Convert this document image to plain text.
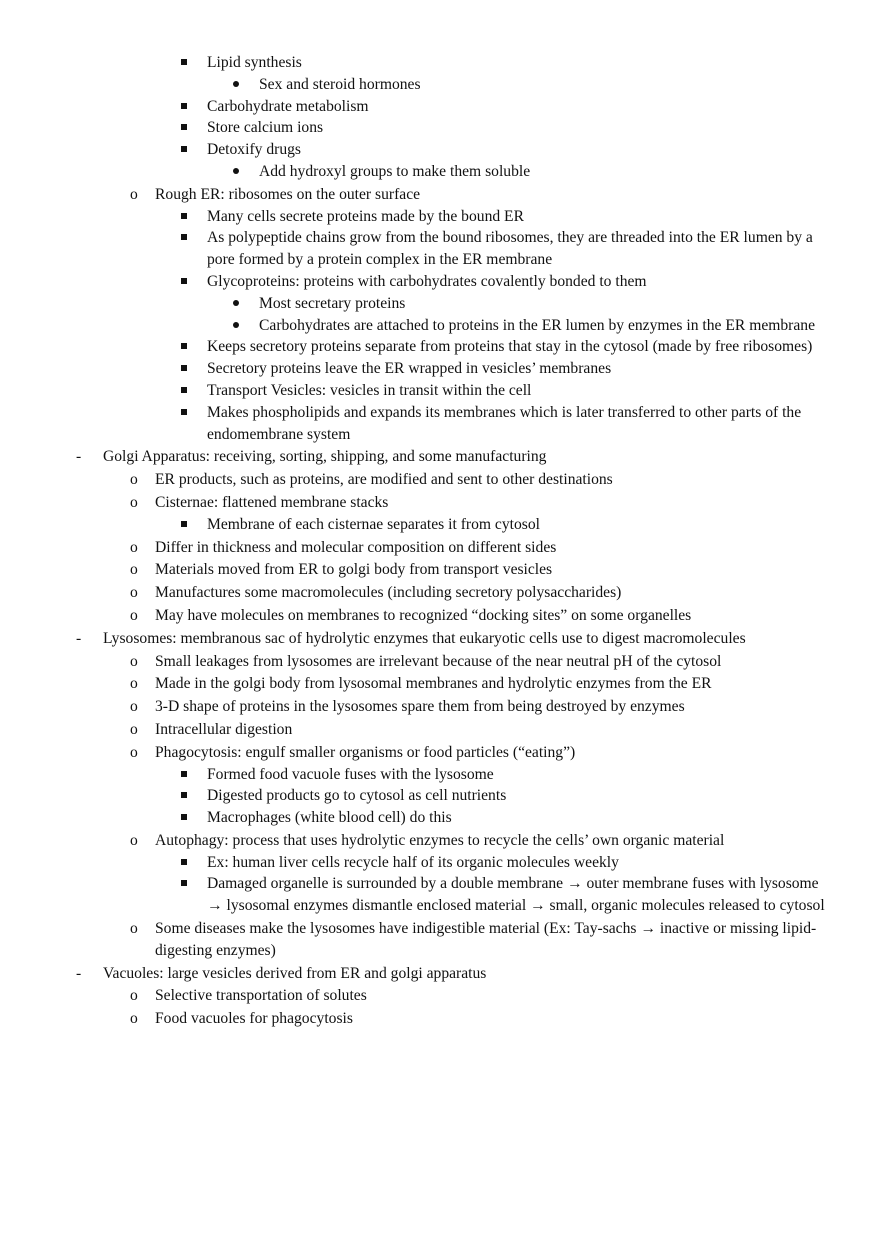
Lipid synthesis
Sex and steroid hormones
Carbohydrate metabolism
Store calcium ions
Detoxify drugs
Add hydroxyl groups to make them soluble
o Rough ER: ribosomes on the outer surface
Many cells secrete proteins made by the bound ER
As polypeptide chains grow from the bound ribosomes, they are threaded into the ER lumen by a pore formed by a protein complex in the ER membrane
Glycoproteins: proteins with carbohydrates covalently bonded to them
Most secretary proteins
Carbohydrates are attached to proteins in the ER lumen by enzymes in the ER membrane
Keeps secretory proteins separate from proteins that stay in the cytosol (made by free ribosomes)
Secretory proteins leave the ER wrapped in vesicles’ membranes
Transport Vesicles: vesicles in transit within the cell
Makes phospholipids and expands its membranes which is later transferred to other parts of the endomembrane system
- Golgi Apparatus: receiving, sorting, shipping, and some manufacturing
o ER products, such as proteins, are modified and sent to other destinations
o Cisternae: flattened membrane stacks
Membrane of each cisternae separates it from cytosol
o Differ in thickness and molecular composition on different sides
o Materials moved from ER to golgi body from transport vesicles
o Manufactures some macromolecules (including secretory polysaccharides)
o May have molecules on membranes to recognized “docking sites” on some organelles
- Lysosomes: membranous sac of hydrolytic enzymes that eukaryotic cells use to digest macromolecules
o Small leakages from lysosomes are irrelevant because of the near neutral pH of the cytosol
o Made in the golgi body from lysosomal membranes and hydrolytic enzymes from the ER
o 3-D shape of proteins in the lysosomes spare them from being destroyed by enzymes
o Intracellular digestion
o Phagocytosis: engulf smaller organisms or food particles (“eating”)
Formed food vacuole fuses with the lysosome
Digested products go to cytosol as cell nutrients
Macrophages (white blood cell) do this
o Autophagy: process that uses hydrolytic enzymes to recycle the cells’ own organic material
Ex: human liver cells recycle half of its organic molecules weekly
Damaged organelle is surrounded by a double membrane → outer membrane fuses with lysosome → lysosomal enzymes dismantle enclosed material → small, organic molecules released to cytosol
o Some diseases make the lysosomes have indigestible material (Ex: Tay-sachs → inactive or missing lipid-digesting enzymes)
- Vacuoles: large vesicles derived from ER and golgi apparatus
o Selective transportation of solutes
o Food vacuoles for phagocytosis
